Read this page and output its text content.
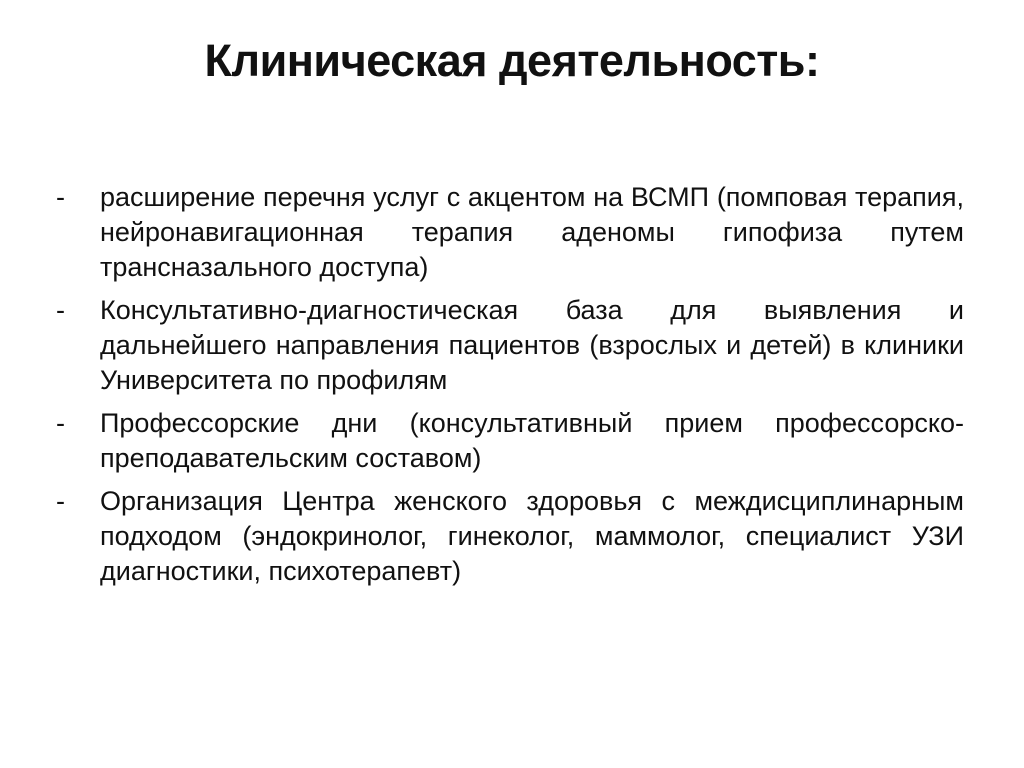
Клиническая деятельность:
-	расширение перечня услуг с акцентом на ВСМП (помповая терапия, нейронавигационная терапия аденомы гипофиза путем трансназального доступа)
-	Консультативно-диагностическая база для выявления и дальнейшего направления пациентов (взрослых и детей) в клиники Университета по профилям
-	Профессорские дни (консультативный прием профессорско-преподавательским составом)
-	Организация Центра женского здоровья с междисциплинарным подходом (эндокринолог, гинеколог, маммолог, специалист УЗИ диагностики, психотерапевт)
